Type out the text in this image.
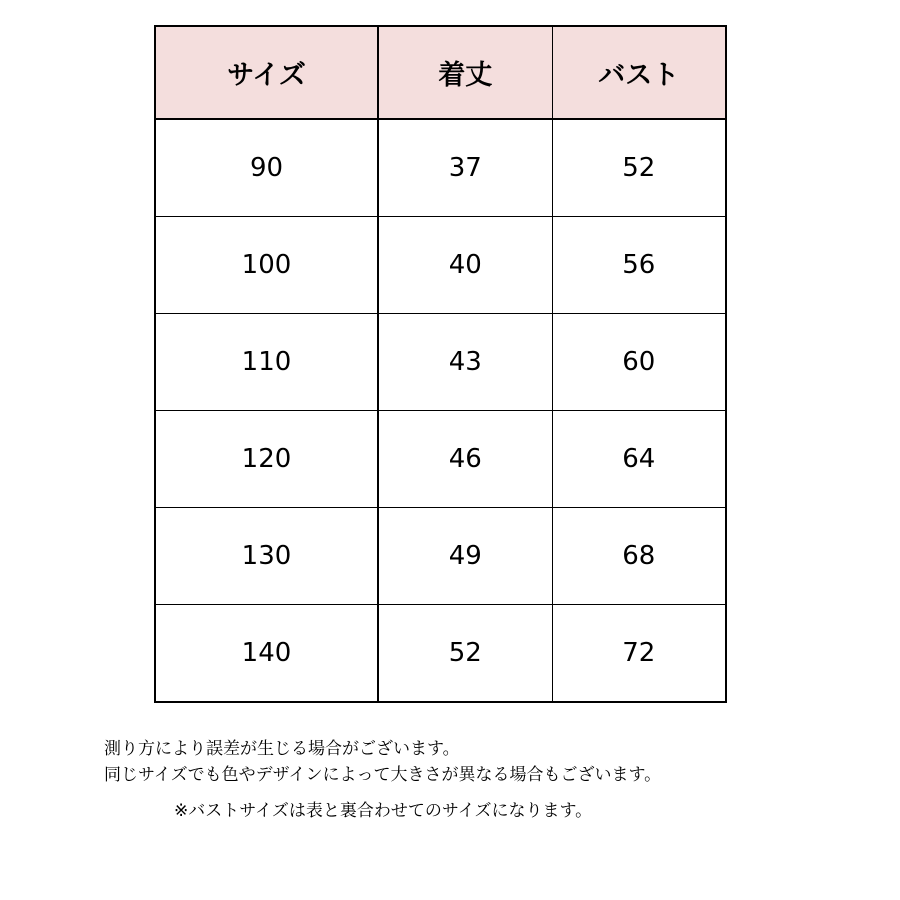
サイズ	着丈	バスト
90	37	52
100	40	56
110	43	60
120	46	64
130	49	68
140	52	72
測り方により誤差が生じる場合がございます。
同じサイズでも色やデザインによって大きさが異なる場合もございます。
※バストサイズは表と裏合わせてのサイズになります。
